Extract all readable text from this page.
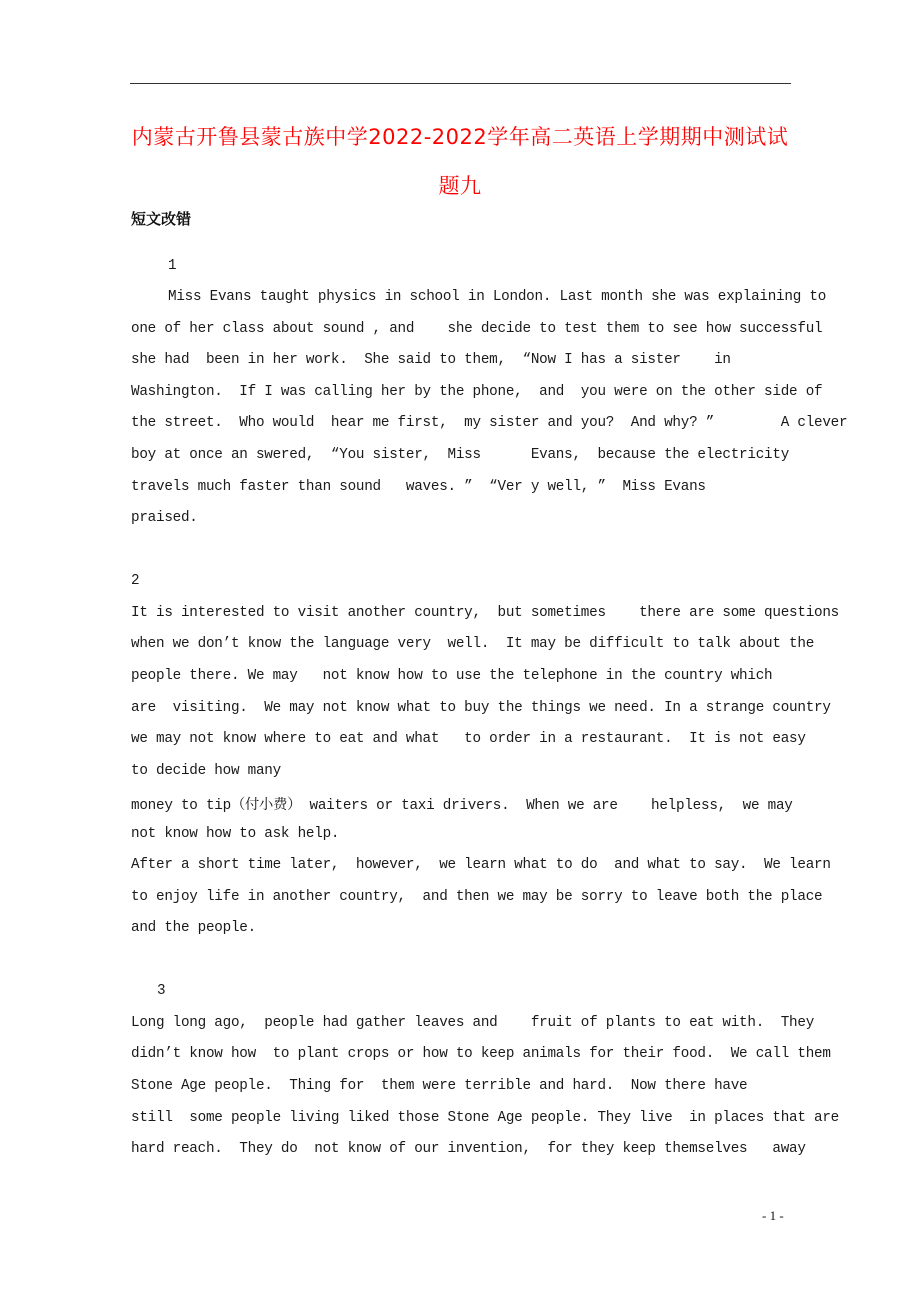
内蒙古开鲁县蒙古族中学2022-2022学年高二英语上学期期中测试试
题九
短文改错
1
Miss Evans taught physics in school in London. Last month she was explaining to
one of her class about sound , and    she decide to test them to see how successful
she had  been in her work.  She said to them,  “Now I has a sister    in
Washington.  If I was calling her by the phone,  and  you were on the other side of
the street.  Who would  hear me first,  my sister and you?  And why? ”        A clever
boy at once an swered,  “You sister,  Miss      Evans,  because the electricity
travels much faster than sound   waves. ”  “Ver y well, ”  Miss Evans
praised.
2
It is interested to visit another country,  but sometimes    there are some questions
when we don’t know the language very  well.  It may be difficult to talk about the
people there. We may   not know how to use the telephone in the country which
are  visiting.  We may not know what to buy the things we need. In a strange country
we may not know where to eat and what   to order in a restaurant.  It is not easy
to decide how many
money to tip（付小费） waiters or taxi drivers.  When we are    helpless,  we may
not know how to ask help.
After a short time later,  however,  we learn what to do  and what to say.  We learn
to enjoy life in another country,  and then we may be sorry to leave both the place
and the people.
3
Long long ago,  people had gather leaves and    fruit of plants to eat with.  They
didn’t know how  to plant crops or how to keep animals for their food.  We call them
Stone Age people.  Thing for  them were terrible and hard.  Now there have
still  some people living liked those Stone Age people. They live  in places that are
hard reach.  They do  not know of our invention,  for they keep themselves   away
- 1 -
